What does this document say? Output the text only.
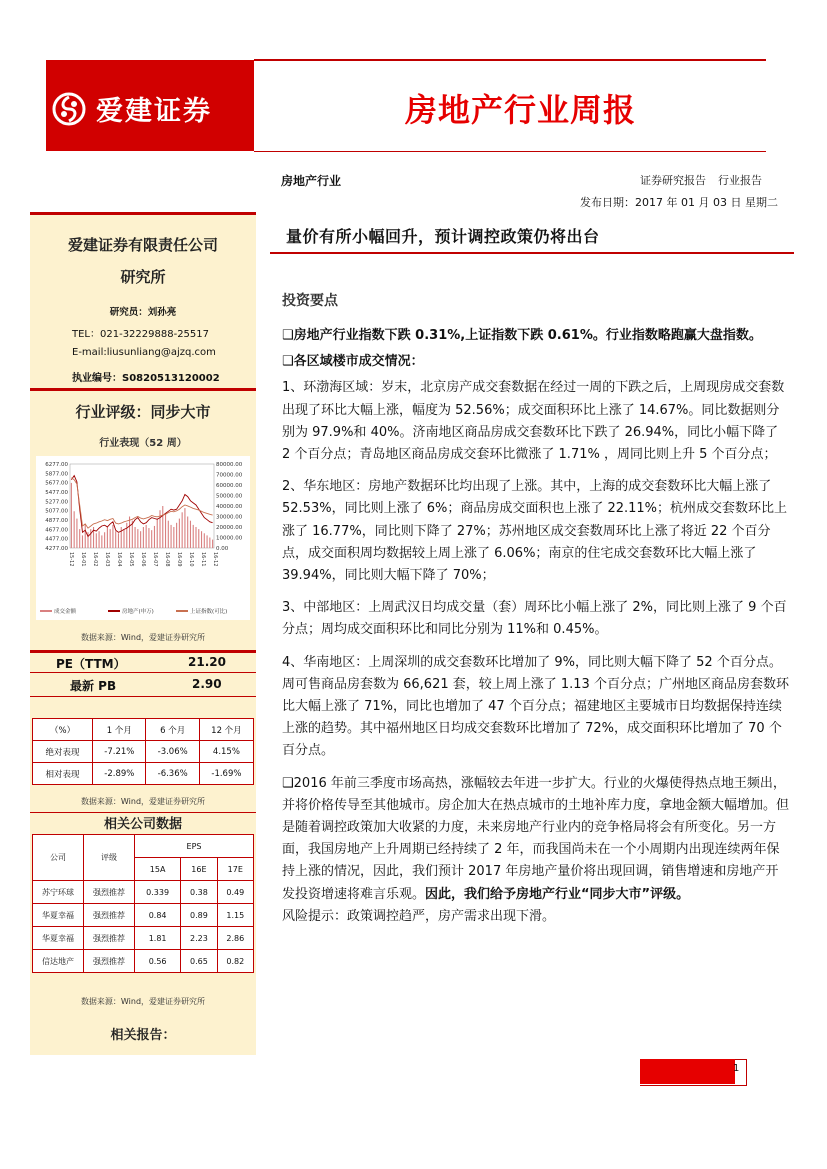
爱建证券	房地产行业周报
房地产行业	证券研究报告 行业报告
发布日期：2017 年 01 月 03 日 星期二
爱建证券有限责任公司
研究所
研究员：刘孙亮
TEL：021-32229888-25517
E-mail:liusunliang@ajzq.com
执业编号：S0820513120002
行业评级：同步大市
行业表现（52 周）
6277.00
5877.00
5677.00
5477.00
5277.00
5077.00
4877.00
4677.00
4477.00
4277.00
80000.00
70000.00
60000.00
50000.00
40000.00
30000.00
20000.00
10000.00
0.00
15-12 16-01 16-02 16-03 16-04 16-05 16-06 16-07 16-08 16-09 16-10 16-11 16-12
成交金额	房地产(申万)	上证指数(可比)
数据来源：Wind，爱建证券研究所
PE（TTM）	21.20
最新 PB	2.90
（%）	1 个月	6 个月	12 个月
绝对表现	-7.21%	-3.06%	4.15%
相对表现	-2.89%	-6.36%	-1.69%
数据来源：Wind，爱建证券研究所
相关公司数据
公司	评级	EPS		
		15A	16E	17E
苏宁环球	强烈推荐	0.339	0.38	0.49
华夏幸福	强烈推荐	0.84	0.89	1.15
华夏幸福	强烈推荐	1.81	2.23	2.86
信达地产	强烈推荐	0.56	0.65	0.82
数据来源：Wind，爱建证券研究所
相关报告：
量价有所小幅回升，预计调控政策仍将出台
投资要点

❑房地产行业指数下跌 0.31%,上证指数下跌 0.61%。行业指数略跑赢大盘指数。

❑各区域楼市成交情况：

1、环渤海区域：岁末，北京房产成交套数据在经过一周的下跌之后，上周现房成交套数出现了环比大幅上涨，幅度为 52.56%；成交面积环比上涨了 14.67%。同比数据则分别为 97.9%和 40%。济南地区商品房成交套数环比下跌了 26.94%，同比小幅下降了 2 个百分点；青岛地区商品房成交套环比微涨了 1.71% ，周同比则上升 5 个百分点；

2、华东地区：房地产数据环比均出现了上涨。其中，上海的成交套数环比大幅上涨了 52.53%，同比则上涨了 6%；商品房成交面积也上涨了 22.11%；杭州成交套数环比上涨了 16.77%，同比则下降了 27%；苏州地区成交套数周环比上涨了将近 22 个百分点，成交面积周均数据较上周上涨了 6.06%；南京的住宅成交套数环比大幅上涨了 39.94%，同比则大幅下降了 70%；

3、中部地区：上周武汉日均成交量（套）周环比小幅上涨了 2%，同比则上涨了 9 个百分点；周均成交面积环比和同比分别为 11%和 0.45%。

4、华南地区：上周深圳的成交套数环比增加了 9%，同比则大幅下降了 52 个百分点。周可售商品房套数为 66,621 套，较上周上涨了 1.13 个百分点；广州地区商品房套数环比大幅上涨了 71%，同比也增加了 47 个百分点；福建地区主要城市日均数据保持连续上涨的趋势。其中福州地区日均成交套数环比增加了 72%，成交面积环比增加了 70 个百分点。

❑2016 年前三季度市场高热，涨幅较去年进一步扩大。行业的火爆使得热点地王频出，并将价格传导至其他城市。房企加大在热点城市的土地补库力度，拿地金额大幅增加。但是随着调控政策加大收紧的力度，未来房地产行业内的竞争格局将会有所变化。另一方面，我国房地产上升周期已经持续了 2 年，而我国尚未在一个小周期内出现连续两年保持上涨的情况，因此，我们预计 2017 年房地产量价将出现回调，销售增速和房地产开发投资增速将难言乐观。因此，我们给予房地产行业“同步大市”评级。

风险提示：政策调控趋严，房产需求出现下滑。

1
